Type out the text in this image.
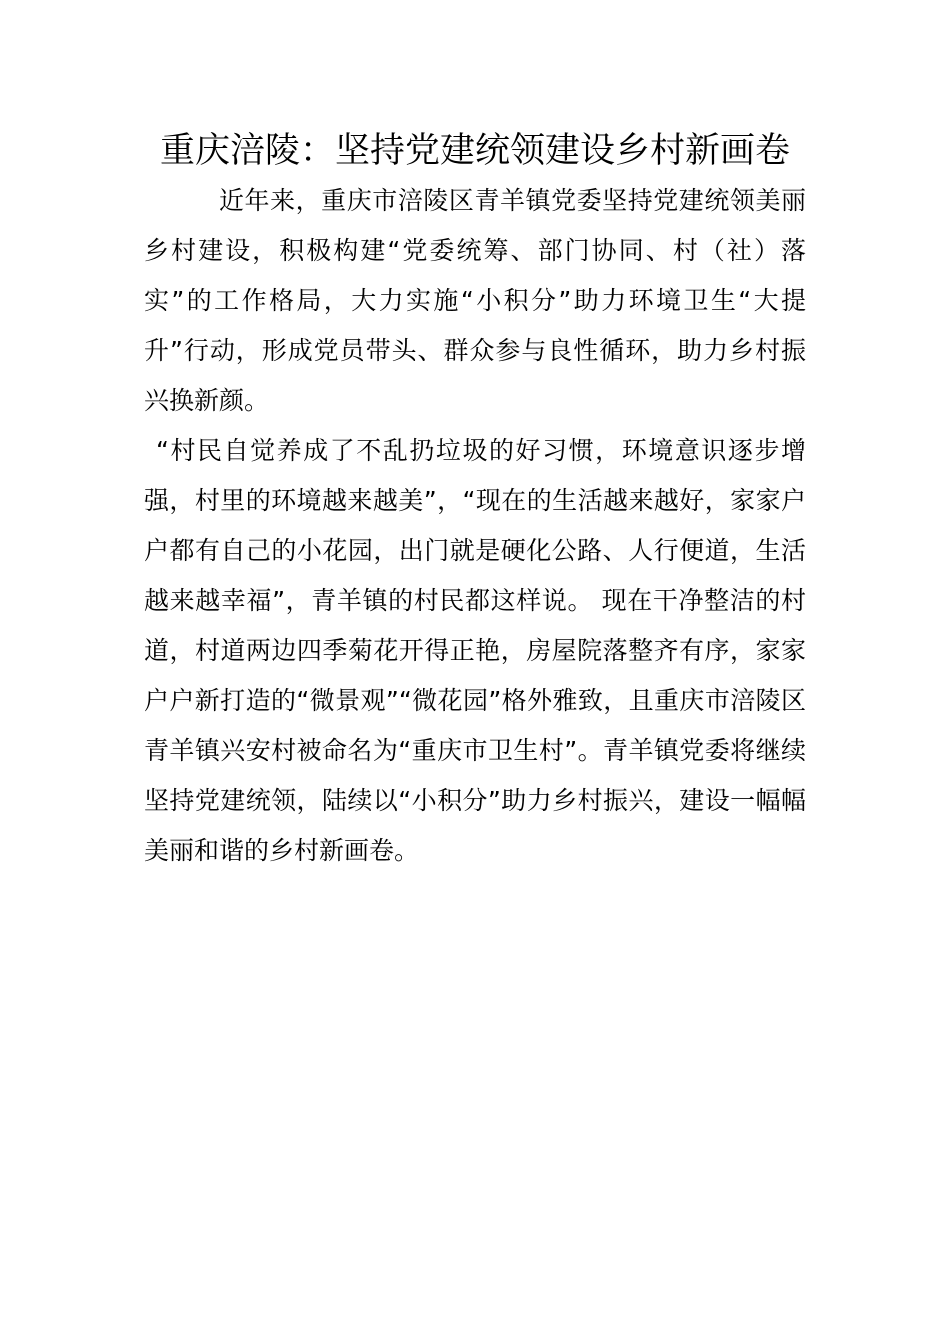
重庆涪陵：坚持党建统领建设乡村新画卷

近年来，重庆市涪陵区青羊镇党委坚持党建统领美丽乡村建设，积极构建“党委统筹、部门协同、村（社）落实”的工作格局，大力实施“小积分”助力环境卫生“大提升”行动，形成党员带头、群众参与良性循环，助力乡村振兴换新颜。

“村民自觉养成了不乱扔垃圾的好习惯，环境意识逐步增强，村里的环境越来越美”，“现在的生活越来越好，家家户户都有自己的小花园，出门就是硬化公路、人行便道，生活越来越幸福”，青羊镇的村民都这样说。 现在干净整洁的村道，村道两边四季菊花开得正艳，房屋院落整齐有序，家家户户新打造的“微景观”“微花园”格外雅致，且重庆市涪陵区青羊镇兴安村被命名为“重庆市卫生村”。青羊镇党委将继续坚持党建统领，陆续以“小积分”助力乡村振兴，建设一幅幅美丽和谐的乡村新画卷。
